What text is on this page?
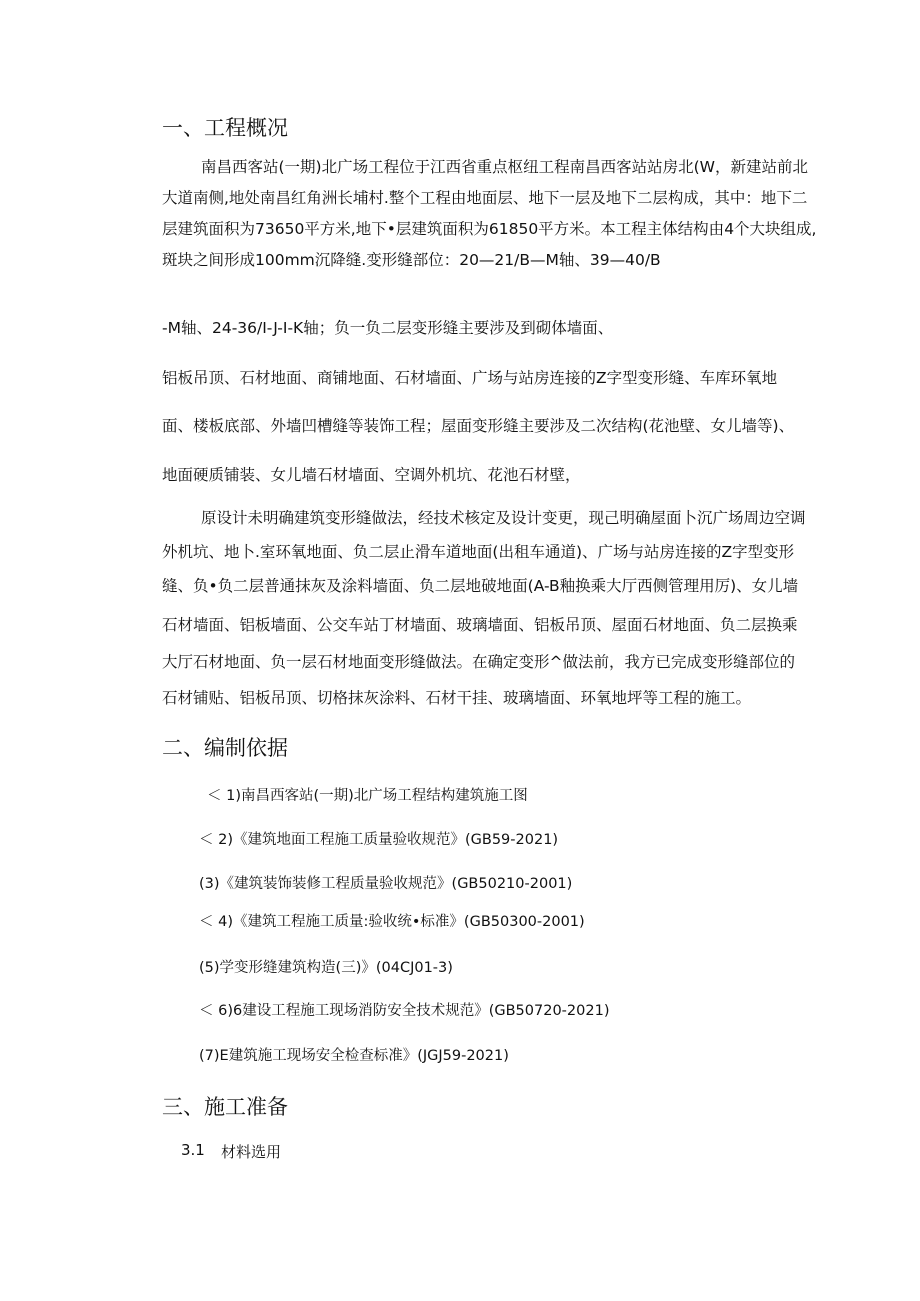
一、工程概况
南昌西客站(一期)北广场工程位于江西省重点枢纽工程南昌西客站站房北(W，新建站前北
大道南侧,地处南昌红角洲长埔村.整个工程由地面层、地下一层及地下二层构成，其中：地下二
层建筑面积为73650平方米,地下•层建筑面积为61850平方米。本工程主体结构由4个大块组成,
斑块之间形成100mm沉降缝.变形缝部位：20—21/B—M轴、39—40/B
-M轴、24-36/I-J-I-K轴；负一负二层变形缝主要涉及到砌体墙面、
铝板吊顶、石材地面、商铺地面、石材墙面、广场与站房连接的Z字型变形缝、车库环氧地
面、楼板底部、外墙凹槽缝等装饰工程；屋面变形缝主要涉及二次结构(花池壁、女儿墙等)、
地面硬质铺装、女儿墙石材墙面、空调外机坑、花池石材壁，
原设计未明确建筑变形缝做法，经技术核定及设计变更，现己明确屋面卜沉广场周边空调
外机坑、地卜.室环氧地面、负二层止滑车道地面(出租车通道)、广场与站房连接的Z字型变形
缝、负•负二层普通抹灰及涂料墙面、负二层地破地面(A-B釉换乘大厅西侧管理用厉)、女儿墙
石材墙面、铝板墙面、公交车站丁材墙面、玻璃墙面、铝板吊顶、屋面石材地面、负二层换乘
大厅石材地面、负一层石材地面变形缝做法。在确定变形^做法前，我方已完成变形缝部位的
石材铺贴、铝板吊顶、切格抹灰涂料、石材干挂、玻璃墙面、环氧地坪等工程的施工。
二、编制依据
＜ 1)南昌西客站(一期)北广场工程结构建筑施工图
＜ 2)《建筑地面工程施工质量验收规范》(GB59-2021)
(3)《建筑装饰装修工程质量验收规范》(GB50210-2001)
＜ 4)《建筑工程施工质量:验收统•标准》(GB50300-2001)
(5)学变形缝建筑构造(三)》(04CJ01-3)
＜ 6)6建设工程施工现场消防安全技术规范》(GB50720-2021)
(7)E建筑施工现场安全检查标准》(JGJ59-2021)
三、施工准备
3.1 材料选用
